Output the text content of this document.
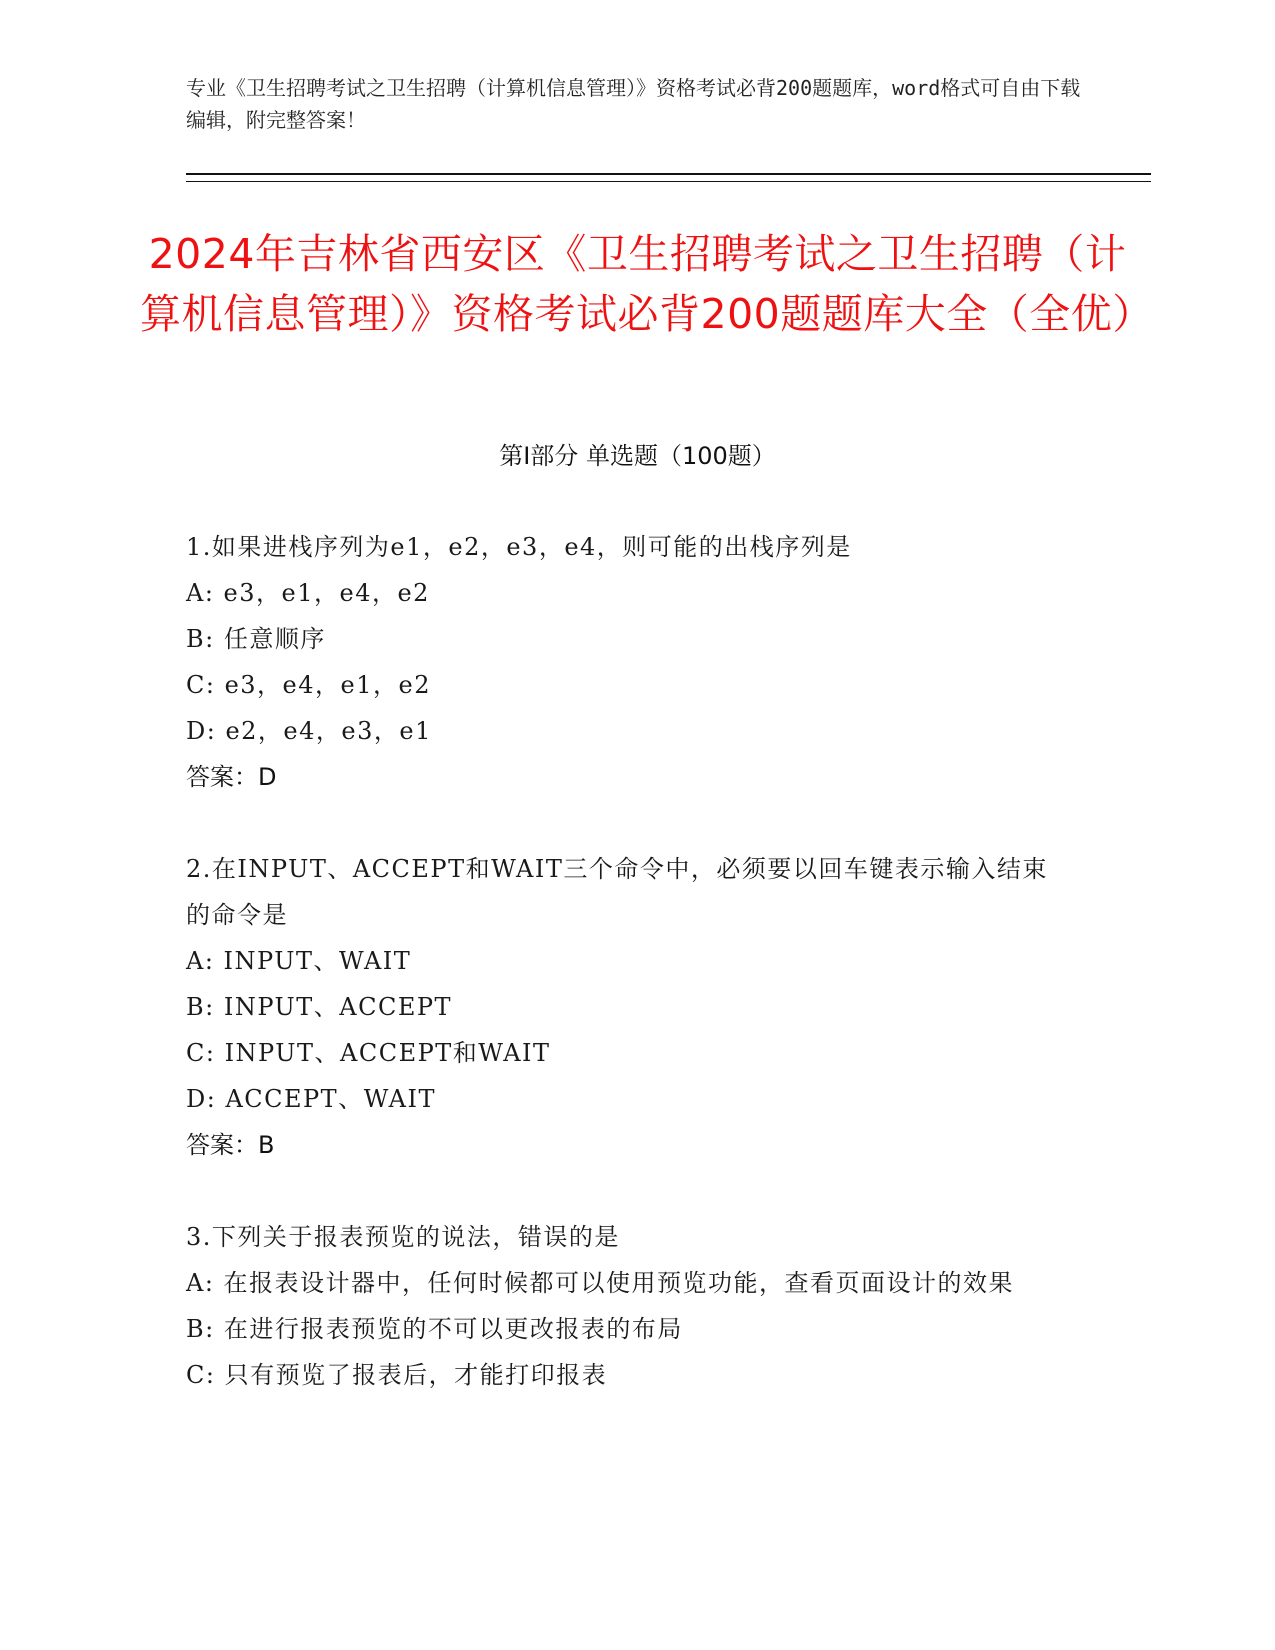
专业《卫生招聘考试之卫生招聘（计算机信息管理）》资格考试必背200题题库，word格式可自由下载编辑，附完整答案！
2024年吉林省西安区《卫生招聘考试之卫生招聘（计算机信息管理）》资格考试必背200题题库大全（全优）
第I部分 单选题（100题）
1.如果进栈序列为e1，e2，e3，e4，则可能的出栈序列是
A: e3，e1，e4，e2
B: 任意顺序
C: e3，e4，e1，e2
D: e2，e4，e3，e1
答案：D
2.在INPUT、ACCEPT和WAIT三个命令中，必须要以回车键表示输入结束的命令是
A: INPUT、WAIT
B: INPUT、ACCEPT
C: INPUT、ACCEPT和WAIT
D: ACCEPT、WAIT
答案：B
3.下列关于报表预览的说法，错误的是
A: 在报表设计器中，任何时候都可以使用预览功能，查看页面设计的效果
B: 在进行报表预览的不可以更改报表的布局
C: 只有预览了报表后，才能打印报表
